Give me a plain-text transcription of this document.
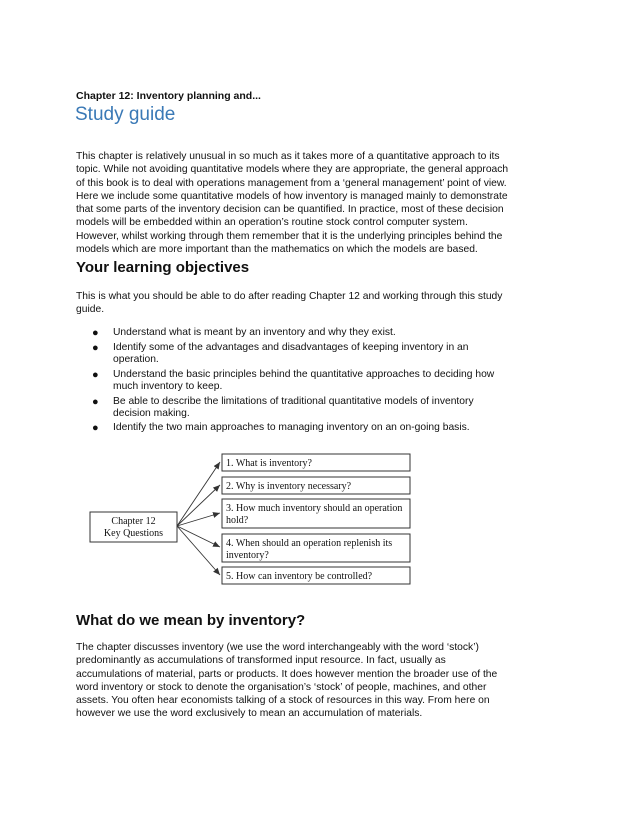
Chapter 12: Inventory planning and...
Study guide
This chapter is relatively unusual in so much as it takes more of a quantitative approach to its
topic. While not avoiding quantitative models where they are appropriate, the general approach
of this book is to deal with operations management from a ‘general management’ point of view.
Here we include some quantitative models of how inventory is managed mainly to demonstrate
that some parts of the inventory decision can be quantified. In practice, most of these decision
models will be embedded within an operation’s routine stock control computer system.
However, whilst working through them remember that it is the underlying principles behind the
models which are more important than the mathematics on which the models are based.
Your learning objectives
This is what you should be able to do after reading Chapter 12 and working through this study
guide.
● Understand what is meant by an inventory and why they exist.
● Identify some of the advantages and disadvantages of keeping inventory in an
operation.
● Understand the basic principles behind the quantitative approaches to deciding how
much inventory to keep.
● Be able to describe the limitations of traditional quantitative models of inventory
decision making.
● Identify the two main approaches to managing inventory on an on-going basis.
Chapter 12
Key Questions
1. What is inventory?
2. Why is inventory necessary?
3. How much inventory should an operation
hold?
4. When should an operation replenish its
inventory?
5. How can inventory be controlled?
What do we mean by inventory?
The chapter discusses inventory (we use the word interchangeably with the word ‘stock’)
predominantly as accumulations of transformed input resource. In fact, usually as
accumulations of material, parts or products. It does however mention the broader use of the
word inventory or stock to denote the organisation’s ‘stock’ of people, machines, and other
assets. You often hear economists talking of a stock of resources in this way. From here on
however we use the word exclusively to mean an accumulation of materials.
